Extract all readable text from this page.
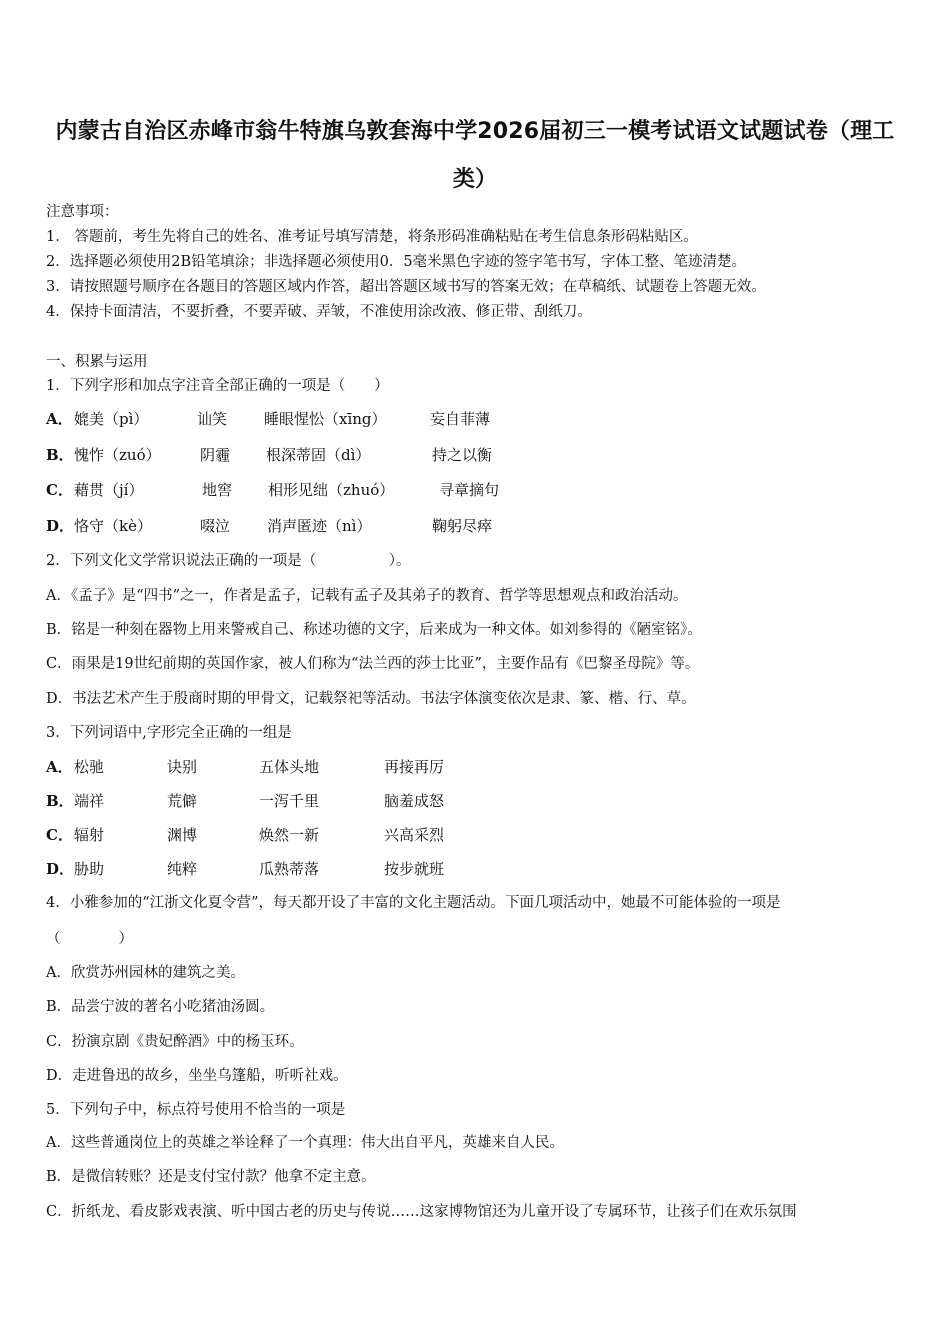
内蒙古自治区赤峰市翁牛特旗乌敦套海中学2026届初三一模考试语文试题试卷（理工
类）
注意事项：
1． 答题前，考生先将自己的姓名、准考证号填写清楚，将条形码准确粘贴在考生信息条形码粘贴区。
2．选择题必须使用2B铅笔填涂；非选择题必须使用0．5毫米黑色字迹的签字笔书写，字体工整、笔迹清楚。
3．请按照题号顺序在各题目的答题区域内作答，超出答题区域书写的答案无效；在草稿纸、试题卷上答题无效。
4．保持卡面清洁，不要折叠，不要弄破、弄皱，不准使用涂改液、修正带、刮纸刀。
一、积累与运用
1．下列字形和加点字注音全部正确的一项是（　　）
A． 媲美（pì）	讪笑 睡眼惺忪（xīng）	妄自菲薄
B． 愧怍（zuó）	阴霾 根深蒂固（dì）	持之以衡
C． 藉贯（jí）	地窖 相形见绌（zhuó）	寻章摘句
D． 恪守（kè）	啜泣 消声匿迹（nì）	鞠躬尽瘁
2．下列文化文学常识说法正确的一项是（　　　　　）。
A．《孟子》是“四书”之一，作者是孟子，记载有孟子及其弟子的教育、哲学等思想观点和政治活动。
B．铭是一种刻在器物上用来警戒自己、称述功德的文字，后来成为一种文体。如刘参得的《陋室铭》。
C．雨果是19世纪前期的英国作家，被人们称为“法兰西的莎士比亚”，主要作品有《巴黎圣母院》等。
D．书法艺术产生于殷商时期的甲骨文，记载祭祀等活动。书法字体演变依次是隶、篆、楷、行、草。
3．下列词语中,字形完全正确的一组是
A． 松驰	诀别	五体头地	再接再厉
B． 端祥	荒僻	一泻千里	脑羞成怒
C． 辐射	渊博	焕然一新	兴高采烈
D． 胁助	纯粹	瓜熟蒂落	按步就班
4．小雅参加的“江浙文化夏令营”，每天都开设了丰富的文化主题活动。下面几项活动中，她最不可能体验的一项是
（　　　　）
A．欣赏苏州园林的建筑之美。
B．品尝宁波的著名小吃猪油汤圆。
C．扮演京剧《贵妃醉酒》中的杨玉环。
D．走进鲁迅的故乡，坐坐乌篷船，听听社戏。
5．下列句子中，标点符号使用不恰当的一项是
A．这些普通岗位上的英雄之举诠释了一个真理：伟大出自平凡，英雄来自人民。
B．是微信转账？还是支付宝付款？他拿不定主意。
C．折纸龙、看皮影戏表演、听中国古老的历史与传说……这家博物馆还为儿童开设了专属环节，让孩子们在欢乐氛围
